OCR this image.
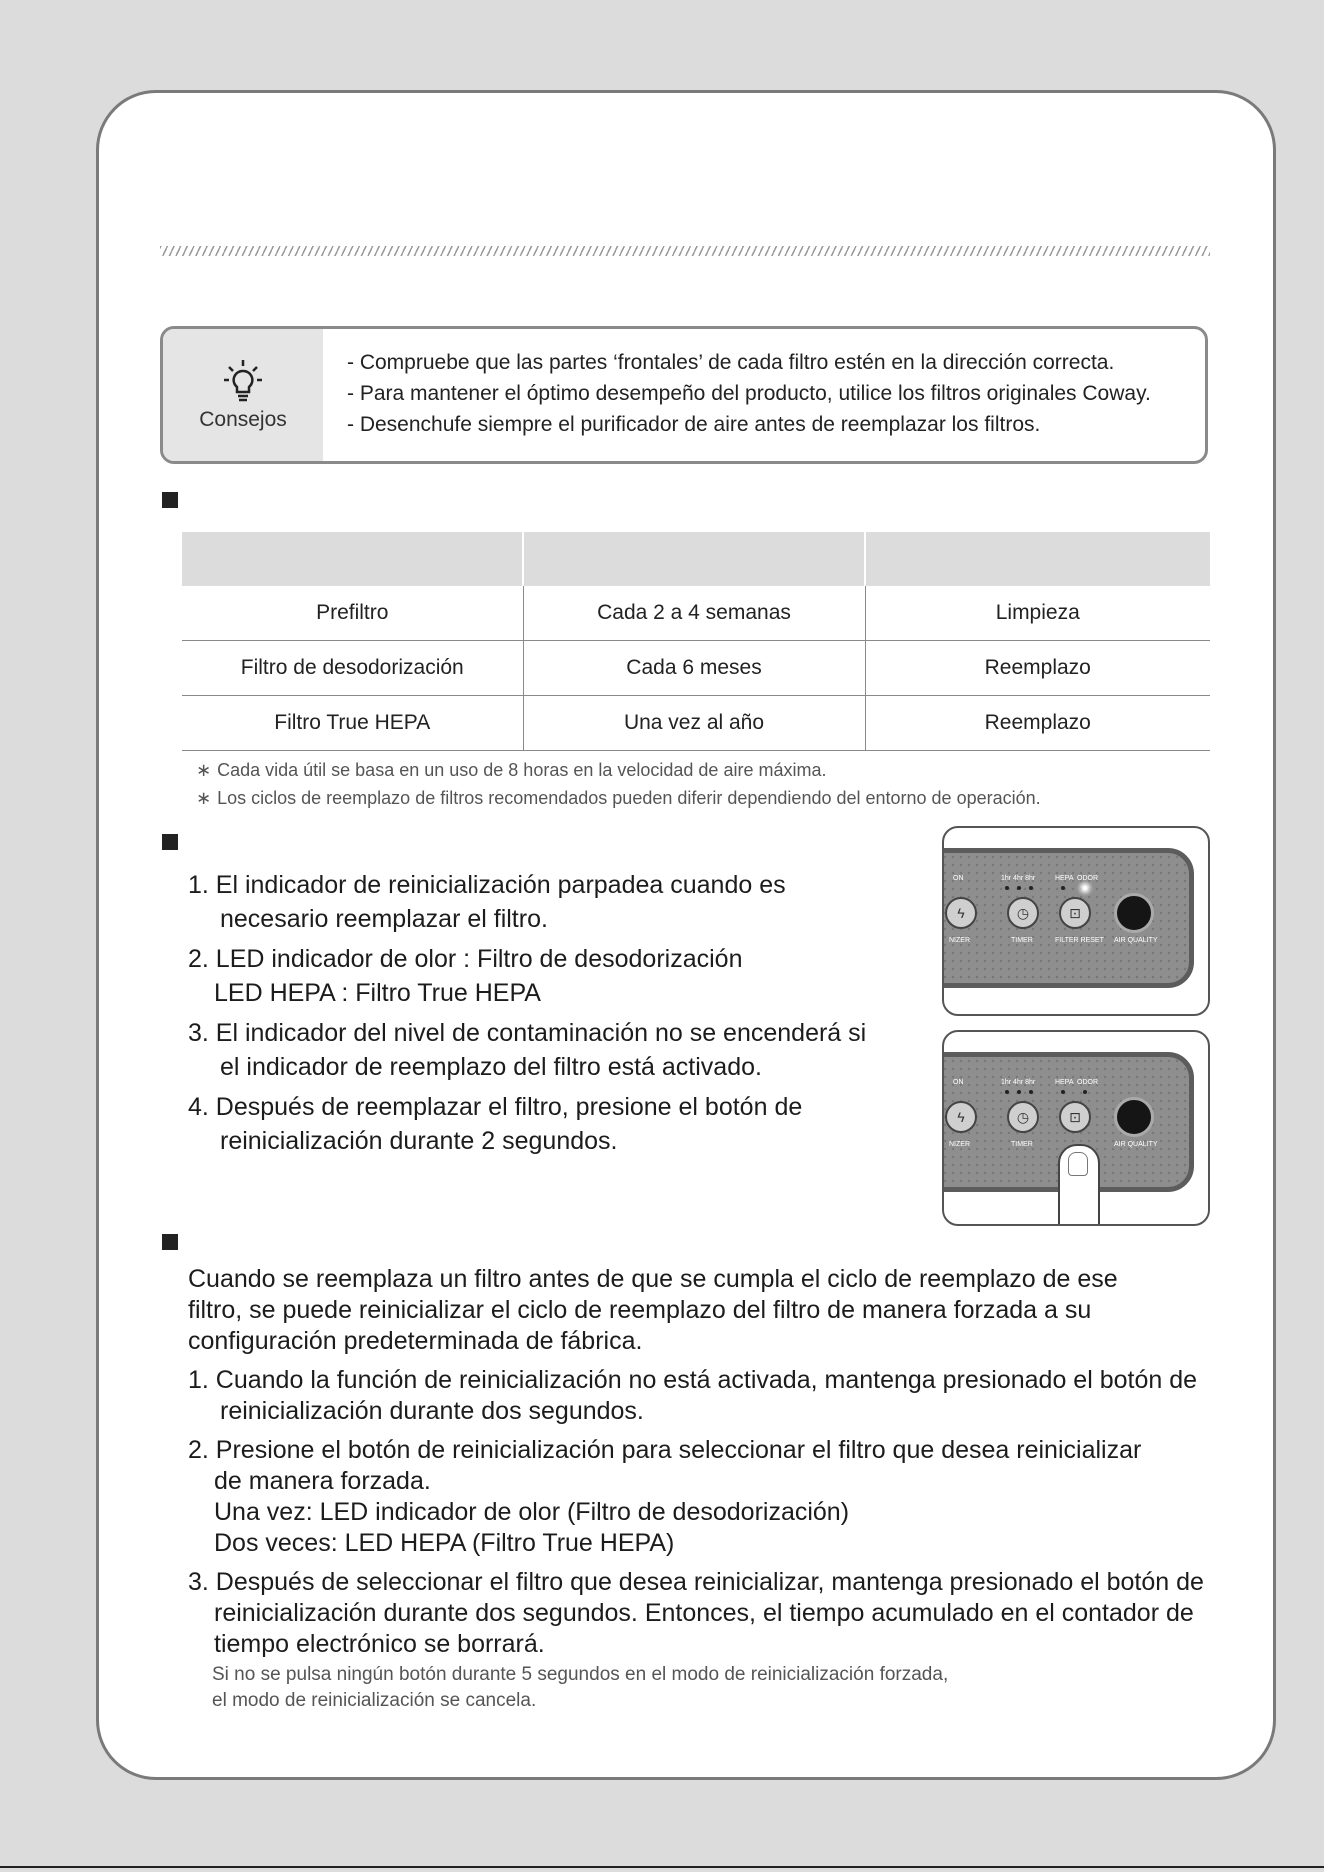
Consejos
- Compruebe que las partes ‘frontales’ de cada filtro estén en la dirección correcta.
- Para mantener el óptimo desempeño del producto, utilice los filtros originales Coway.
- Desenchufe siempre el purificador de aire antes de reemplazar los filtros.

Prefiltro	Cada 2 a 4 semanas	Limpieza
Filtro de desodorización	Cada 6 meses	Reemplazo
Filtro True HEPA	Una vez al año	Reemplazo
∗ Cada vida útil se basa en un uso de 8 horas en la velocidad de aire máxima.
∗ Los ciclos de reemplazo de filtros recomendados pueden diferir dependiendo del entorno de operación.
1. El indicador de reinicialización parpadea cuando es
necesario reemplazar el filtro.
2. LED indicador de olor : Filtro de desodorización
LED HEPA : Filtro True HEPA
3. El indicador del nivel de contaminación no se encenderá si
el indicador de reemplazo del filtro está activado.
4. Después de reemplazar el filtro, presione el botón de
reinicialización durante 2 segundos.
ON	1hr 4hr 8hr	HEPA ODOR
ϟ	◷	⊡
NIZER	TIMER	FILTER RESET AIR QUALITY
ON	1hr 4hr 8hr	HEPA ODOR
ϟ	◷	⊡
NIZER	TIMER	AIR QUALITY
Cuando se reemplaza un filtro antes de que se cumpla el ciclo de reemplazo de ese
filtro, se puede reinicializar el ciclo de reemplazo del filtro de manera forzada a su
configuración predeterminada de fábrica.
1. Cuando la función de reinicialización no está activada, mantenga presionado el botón de
reinicialización durante dos segundos.
2. Presione el botón de reinicialización para seleccionar el filtro que desea reinicializar
de manera forzada.
Una vez: LED indicador de olor (Filtro de desodorización)
Dos veces: LED HEPA (Filtro True HEPA)
3. Después de seleccionar el filtro que desea reinicializar, mantenga presionado el botón de
reinicialización durante dos segundos. Entonces, el tiempo acumulado en el contador de
tiempo electrónico se borrará.
Si no se pulsa ningún botón durante 5 segundos en el modo de reinicialización forzada,
el modo de reinicialización se cancela.
